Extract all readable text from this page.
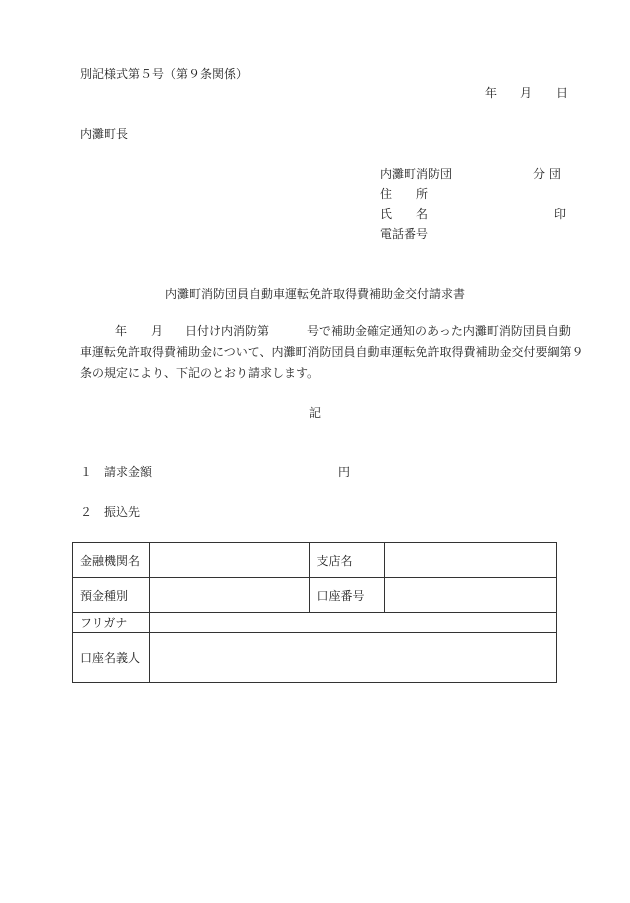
別記様式第５号（第９条関係）
年 月 日
内灘町長
内灘町消防団	分 団
住　　所
氏　　名	印
電話番号
内灘町消防団員自動車運転免許取得費補助金交付請求書
年 月 日付け内消防第	号で補助金確定通知のあった内灘町消防団員自動
車運転免許取得費補助金について、内灘町消防団員自動車運転免許取得費補助金交付要綱第９
条の規定により、下記のとおり請求します。
記
１　請求金額	円
２　振込先
金融機関名		支店名	
預金種別		口座番号	
フリガナ			
口座名義人			
